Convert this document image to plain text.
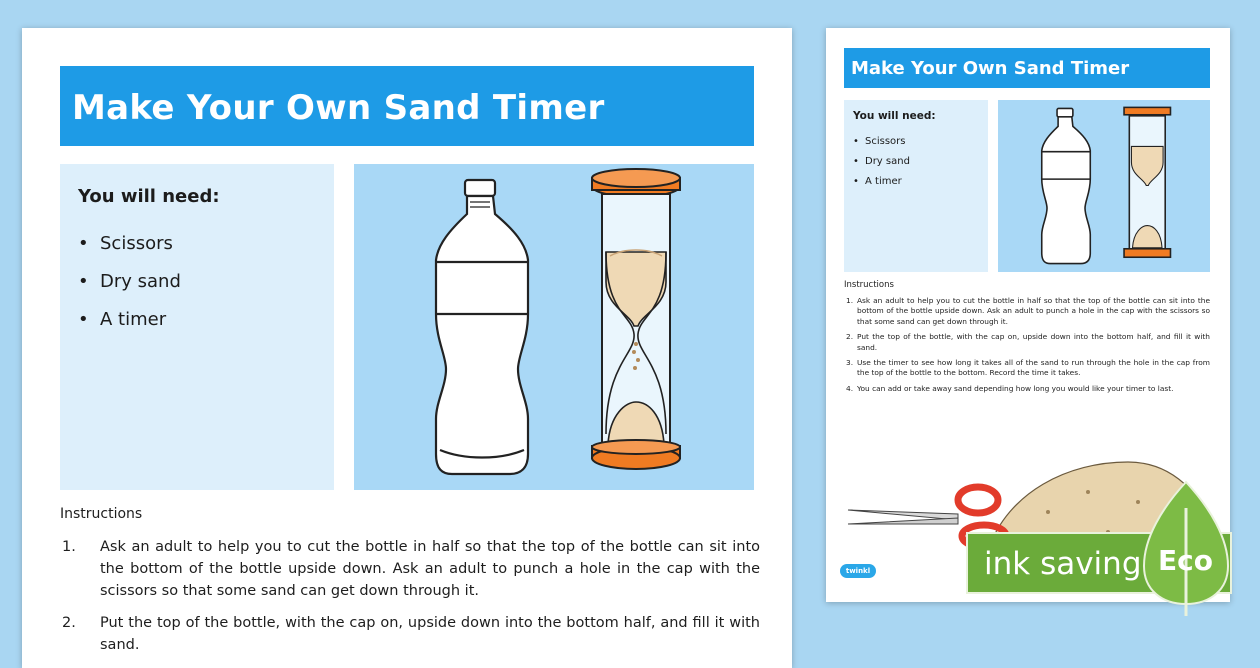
Make Your Own Sand Timer
You will need:
• Scissors
• Dry sand
• A timer
Instructions
1. Ask an adult to help you to cut the bottle in half so that the top of the bottle can sit into the bottom of the bottle upside down. Ask an adult to punch a hole in the cap with the scissors so that some sand can get down through it.
2. Put the top of the bottle, with the cap on, upside down into the bottom half, and fill it with sand.
Make Your Own Sand Timer
You will need:
• Scissors
• Dry sand
• A timer
Instructions
1. Ask an adult to help you to cut the bottle in half so that the top of the bottle can sit into the bottom of the bottle upside down. Ask an adult to punch a hole in the cap with the scissors so that some sand can get down through it.
2. Put the top of the bottle, with the cap on, upside down into the bottom half, and fill it with sand.
3. Use the timer to see how long it takes all of the sand to run through the hole in the cap from the top of the bottle to the bottom. Record the time it takes.
4. You can add or take away sand depending how long you would like your timer to last.
twinkl	ink saving Eco
